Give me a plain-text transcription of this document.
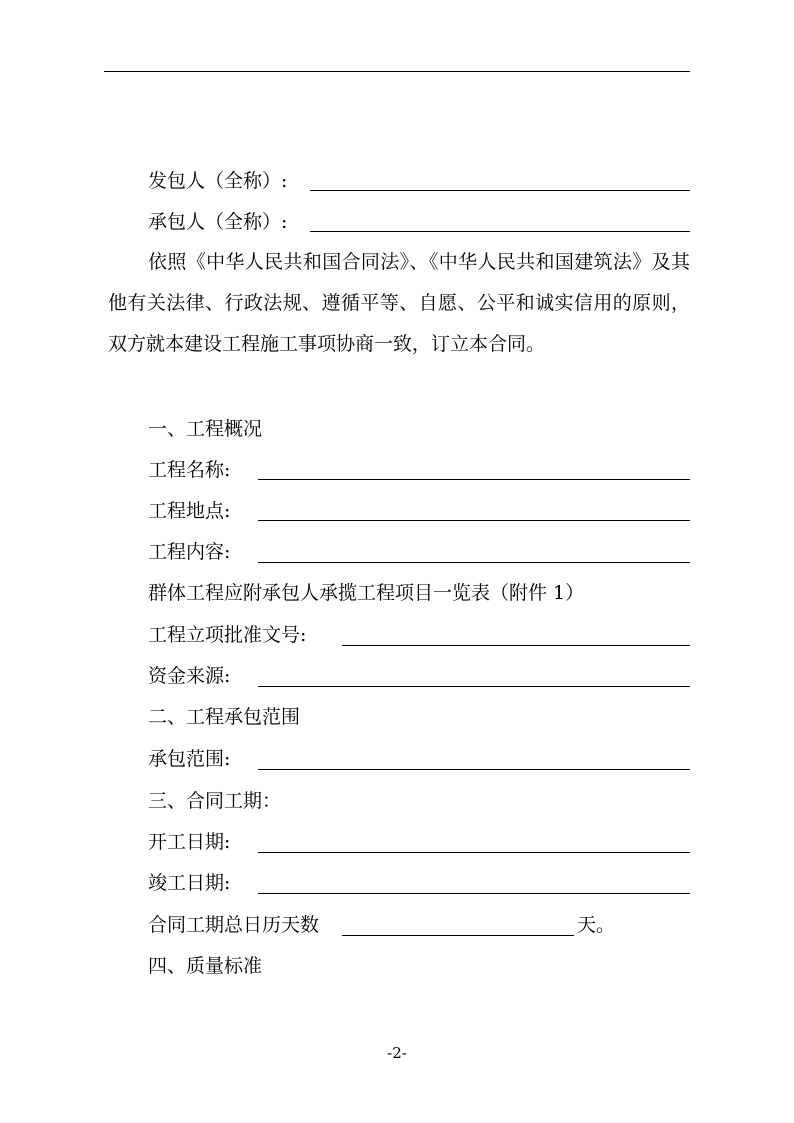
发包人（全称）:
承包人（全称）:
依照《中华人民共和国合同法》、《中华人民共和国建筑法》及其他有关法律、行政法规、遵循平等、自愿、公平和诚实信用的原则，双方就本建设工程施工事项协商一致，订立本合同。
一、工程概况
工程名称:
工程地点:
工程内容:
群体工程应附承包人承揽工程项目一览表（附件 1）
工程立项批准文号:
资金来源:
二、工程承包范围
承包范围:
三、合同工期：
开工日期:
竣工日期:
合同工期总日历天数	天。
四、质量标准
-2-
